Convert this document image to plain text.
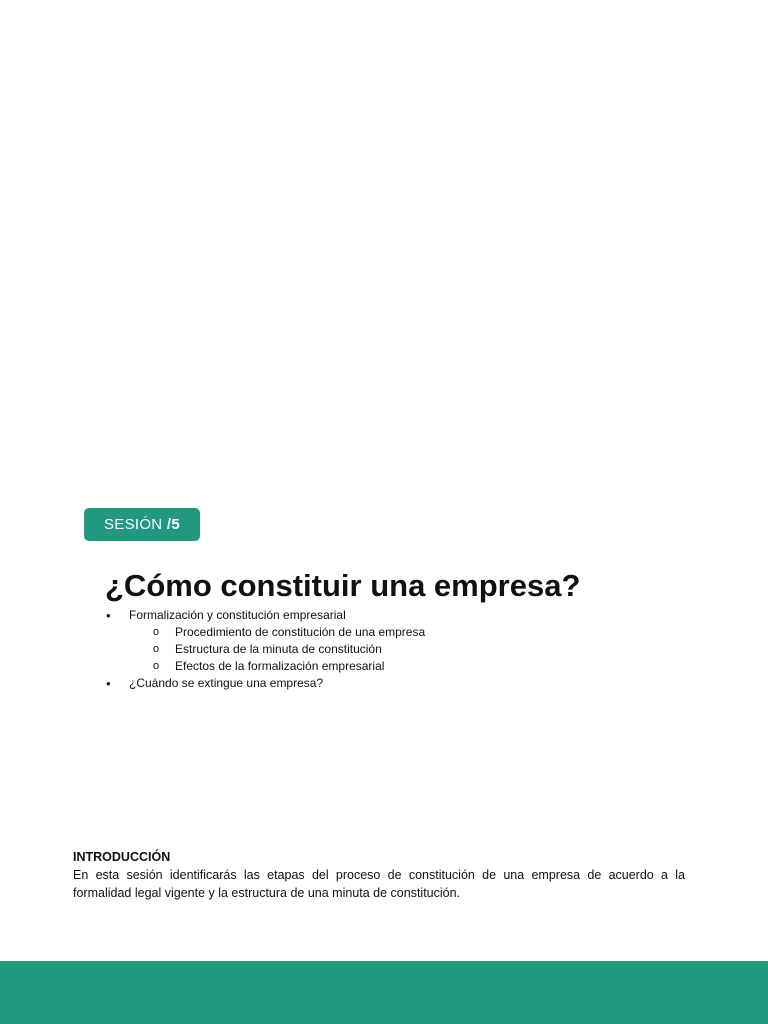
SESIÓN /5
¿Cómo constituir una empresa?
• Formalización y constitución empresarial
o Procedimiento de constitución de una empresa
o Estructura de la minuta de constitución
o Efectos de la formalización empresarial
• ¿Cuándo se extingue una empresa?
INTRODUCCIÓN
En esta sesión identificarás las etapas del proceso de constitución de una empresa de acuerdo a la formalidad legal vigente y la estructura de una minuta de constitución.
